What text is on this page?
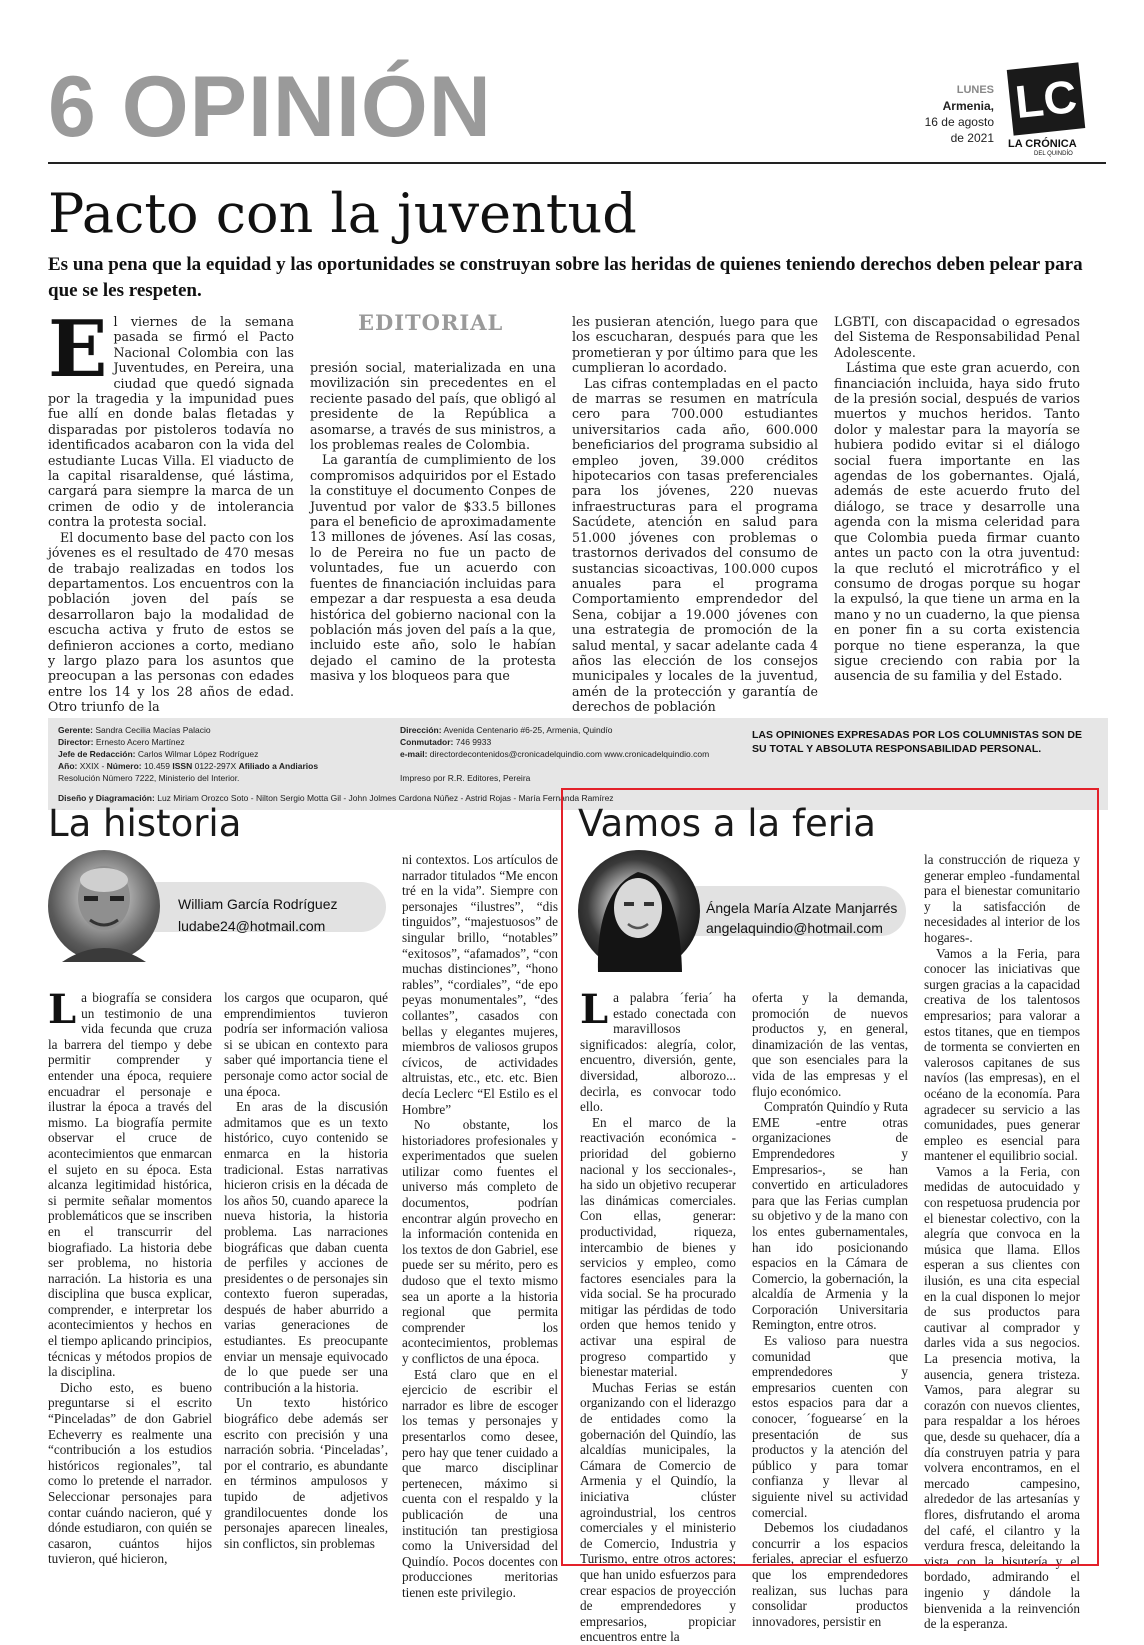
6 OPINIÓN	LUNES
Armenia,
16 de agosto
de 2021
LC
LA CRÓNICA
DEL QUINDÍO
Pacto con la juventud
Es una pena que la equidad y las oportunidades se construyan sobre las heridas de quienes teniendo derechos deben pelear para que se les respeten.
EDITORIAL
E l viernes de la semana pasada se firmó el Pacto Nacional Colombia con las Juventudes, en Pereira, una ciudad que quedó signada por la tragedia y la impunidad pues fue allí en donde balas fletadas y disparadas por pistoleros todavía no identificados acabaron con la vida del estudiante Lucas Villa. El viaducto de la capital risaraldense, qué lástima, cargará para siempre la marca de un crimen de odio y de intolerancia contra la protesta social.

El documento base del pacto con los jóvenes es el resultado de 470 mesas de trabajo realizadas en todos los departamentos. Los encuentros con la población joven del país se desarrollaron bajo la modalidad de escucha activa y fruto de estos se definieron acciones a corto, mediano y largo plazo para los asuntos que preocupan a las personas con edades entre los 14 y los 28 años de edad. Otro triunfo de la

presión social, materializada en una movilización sin precedentes en el reciente pasado del país, que obligó al presidente de la República a asomarse, a través de sus ministros, a los problemas reales de Colombia.

La garantía de cumplimiento de los compromisos adquiridos por el Estado la constituye el documento Conpes de Juventud por valor de $33.5 billones para el beneficio de aproximadamente 13 millones de jóvenes. Así las cosas, lo de Pereira no fue un pacto de voluntades, fue un acuerdo con fuentes de financiación incluidas para empezar a dar respuesta a esa deuda histórica del gobierno nacional con la población más joven del país a la que, incluido este año, solo le habían dejado el camino de la protesta masiva y los bloqueos para que

les pusieran atención, luego para que los escucharan, después para que les prometieran y por último para que les cumplieran lo acordado.

Las cifras contempladas en el pacto de marras se resumen en matrícula cero para 700.000 estudiantes universitarios cada año, 600.000 beneficiarios del programa subsidio al empleo joven, 39.000 créditos hipotecarios con tasas preferenciales para los jóvenes, 220 nuevas infraestructuras para el programa Sacúdete, atención en salud para 51.000 jóvenes con problemas o trastornos derivados del consumo de sustancias sicoactivas, 100.000 cupos anuales para el programa Comportamiento emprendedor del Sena, cobijar a 19.000 jóvenes con una estrategia de promoción de la salud mental, y sacar adelante cada 4 años las elección de los consejos municipales y locales de la juventud, amén de la protección y garantía de derechos de población

LGBTI, con discapacidad o egresados del Sistema de Responsabilidad Penal Adolescente.

Lástima que este gran acuerdo, con financiación incluida, haya sido fruto de la presión social, después de varios muertos y muchos heridos. Tanto dolor y malestar para la mayoría se hubiera podido evitar si el diálogo social fuera importante en las agendas de los gobernantes. Ojalá, además de este acuerdo fruto del diálogo, se trace y desarrolle una agenda con la misma celeridad para que Colombia pueda firmar cuanto antes un pacto con la otra juventud: la que reclutó el microtráfico y el consumo de drogas porque su hogar la expulsó, la que tiene un arma en la mano y no un cuaderno, la que piensa en poner fin a su corta existencia porque no tiene esperanza, la que sigue creciendo con rabia por la ausencia de su familia y del Estado.

Gerente: Sandra Cecilia Macías Palacio
Director: Ernesto Acero Martínez
Jefe de Redacción: Carlos Wilmar López Rodríguez
Año: XXIX - Número: 10.459 ISSN 0122-297X Afiliado a Andiarios
Resolución Número 7222, Ministerio del Interior.
Dirección: Avenida Centenario #6-25, Armenia, Quindío
Conmutador: 746 9933
e-mail: directordecontenidos@cronicadelquindio.com www.cronicadelquindio.com
Impreso por R.R. Editores, Pereira
Diseño y Diagramación: Luz Miriam Orozco Soto - Nilton Sergio Motta Gil - John Jolmes Cardona Núñez - Astrid Rojas - María Fernanda Ramírez
LAS OPINIONES EXPRESADAS POR LOS COLUMNISTAS SON DE SU TOTAL Y ABSOLUTA RESPONSABILIDAD PERSONAL.
La historia
William García Rodríguez
ludabe24@hotmail.com
L a biografía se considera un testimonio de una vida fecunda que cruza la barrera del tiempo y debe permitir comprender y entender una época, requiere encuadrar el personaje e ilustrar la época a través del mismo. La biografía permite observar el cruce de acontecimientos que enmarcan el sujeto en su época. Esta alcanza legitimidad histórica, si permite señalar momentos problemáticos que se inscriben en el transcurrir del biografiado. La historia debe ser problema, no historia narración. La historia es una disciplina que busca explicar, comprender, e interpretar los acontecimientos y hechos en el tiempo aplicando principios, técnicas y métodos propios de la disciplina.

Dicho esto, es bueno preguntarse si el escrito “Pinceladas” de don Gabriel Echeverry es realmente una “contribución a los estudios históricos regionales”, tal como lo pretende el narrador. Seleccionar personajes para contar cuándo nacieron, qué y dónde estudiaron, con quién se casaron, cuántos hijos tuvieron, qué hicieron,

los cargos que ocuparon, qué emprendimientos tuvieron podría ser información valiosa si se ubican en contexto para saber qué importancia tiene el personaje como actor social de una época.

En aras de la discusión admitamos que es un texto histórico, cuyo contenido se enmarca en la historia tradicional. Estas narrativas hicieron crisis en la década de los años 50, cuando aparece la nueva historia, la historia problema. Las narraciones biográficas que daban cuenta de perfiles y acciones de presidentes o de personajes sin contexto fueron superadas, después de haber aburrido a varias generaciones de estudiantes. Es preocupante enviar un mensaje equivocado de lo que puede ser una contribución a la historia.

Un texto histórico biográfico debe además ser escrito con precisión y una narración sobria. ‘Pinceladas’, por el contrario, es abundante en términos ampulosos y tupido de adjetivos grandilocuentes donde los personajes aparecen lineales, sin conflictos, sin problemas

ni contextos. Los artículos de narrador titulados “Me encon tré en la vida”. Siempre con personajes “ilustres”, “dis tinguidos”, “majestuosos” de singular brillo, “notables” “exitosos”, “afamados”, “con muchas distinciones”, “hono rables”, “cordiales”, “de epo peyas monumentales”, “des collantes”, casados con bellas y elegantes mujeres, miembros de valiosos grupos cívicos, de actividades altruistas, etc., etc. etc. Bien decía Leclerc “El Estilo es el Hombre”

No obstante, los historiadores profesionales y experimentados que suelen utilizar como fuentes el universo más completo de documentos, podrían encontrar algún provecho en la información contenida en los textos de don Gabriel, ese puede ser su mérito, pero es dudoso que el texto mismo sea un aporte a la historia regional que permita comprender los acontecimientos, problemas y conflictos de una época.

Está claro que en el ejercicio de escribir el narrador es libre de escoger los temas y personajes y presentarlos como desee, pero hay que tener cuidado a que marco disciplinar pertenecen, máximo si cuenta con el respaldo y la publicación de una institución tan prestigiosa como la Universidad del Quindío. Pocos docentes con producciones meritorias tienen este privilegio.

Vamos a la feria
Ángela María Alzate Manjarrés
angelaquindio@hotmail.com
L a palabra ´feria´ ha estado conectada con maravillosos significados: alegría, color, encuentro, diversión, gente, diversidad, alborozo... decirla, es convocar todo ello.

En el marco de la reactivación económica -prioridad del gobierno nacional y los seccionales-, ha sido un objetivo recuperar las dinámicas comerciales. Con ellas, generar: productividad, riqueza, intercambio de bienes y servicios y empleo, como factores esenciales para la vida social. Se ha procurado mitigar las pérdidas de todo orden que hemos tenido y activar una espiral de progreso compartido y bienestar material.

Muchas Ferias se están organizando con el liderazgo de entidades como la gobernación del Quindío, las alcaldías municipales, la Cámara de Comercio de Armenia y el Quindío, la iniciativa clúster agroindustrial, los centros comerciales y el ministerio de Comercio, Industria y Turismo, entre otros actores; que han unido esfuerzos para crear espacios de proyección de emprendedores y empresarios, propiciar encuentros entre la

oferta y la demanda, promoción de nuevos productos y, en general, dinamización de las ventas, que son esenciales para la vida de las empresas y el flujo económico.

Compratón Quindío y Ruta EME -entre otras organizaciones de Emprendedores y Empresarios-, se han convertido en articuladores para que las Ferias cumplan su objetivo y de la mano con los entes gubernamentales, han ido posicionando espacios en la Cámara de Comercio, la gobernación, la alcaldía de Armenia y la Corporación Universitaria Remington, entre otros.

Es valioso para nuestra comunidad que emprendedores y empresarios cuenten con estos espacios para dar a conocer, ´foguearse´ en la presentación de sus productos y la atención del público y para tomar confianza y llevar al siguiente nivel su actividad comercial.

Debemos los ciudadanos concurrir a los espacios feriales, apreciar el esfuerzo que los emprendedores realizan, sus luchas para consolidar productos innovadores, persistir en

la construcción de riqueza y generar empleo -fundamental para el bienestar comunitario y la satisfacción de necesidades al interior de los hogares-.

Vamos a la Feria, para conocer las iniciativas que surgen gracias a la capacidad creativa de los talentosos empresarios; para valorar a estos titanes, que en tiempos de tormenta se convierten en valerosos capitanes de sus navíos (las empresas), en el océano de la economía. Para agradecer su servicio a las comunidades, pues generar empleo es esencial para mantener el equilibrio social.

Vamos a la Feria, con medidas de autocuidado y con respetuosa prudencia por el bienestar colectivo, con la alegría que convoca en la música que llama. Ellos esperan a sus clientes con ilusión, es una cita especial en la cual disponen lo mejor de sus productos para cautivar al comprador y darles vida a sus negocios. La presencia motiva, la ausencia, genera tristeza. Vamos, para alegrar su corazón con nuevos clientes, para respaldar a los héroes que, desde su quehacer, día a día construyen patria y para volvera encontramos, en el mercado campesino, alrededor de las artesanías y flores, disfrutando el aroma del café, el cilantro y la verdura fresca, deleitando la vista con la bisutería y el bordado, admirando el ingenio y dándole la bienvenida a la reinvención de la esperanza.
